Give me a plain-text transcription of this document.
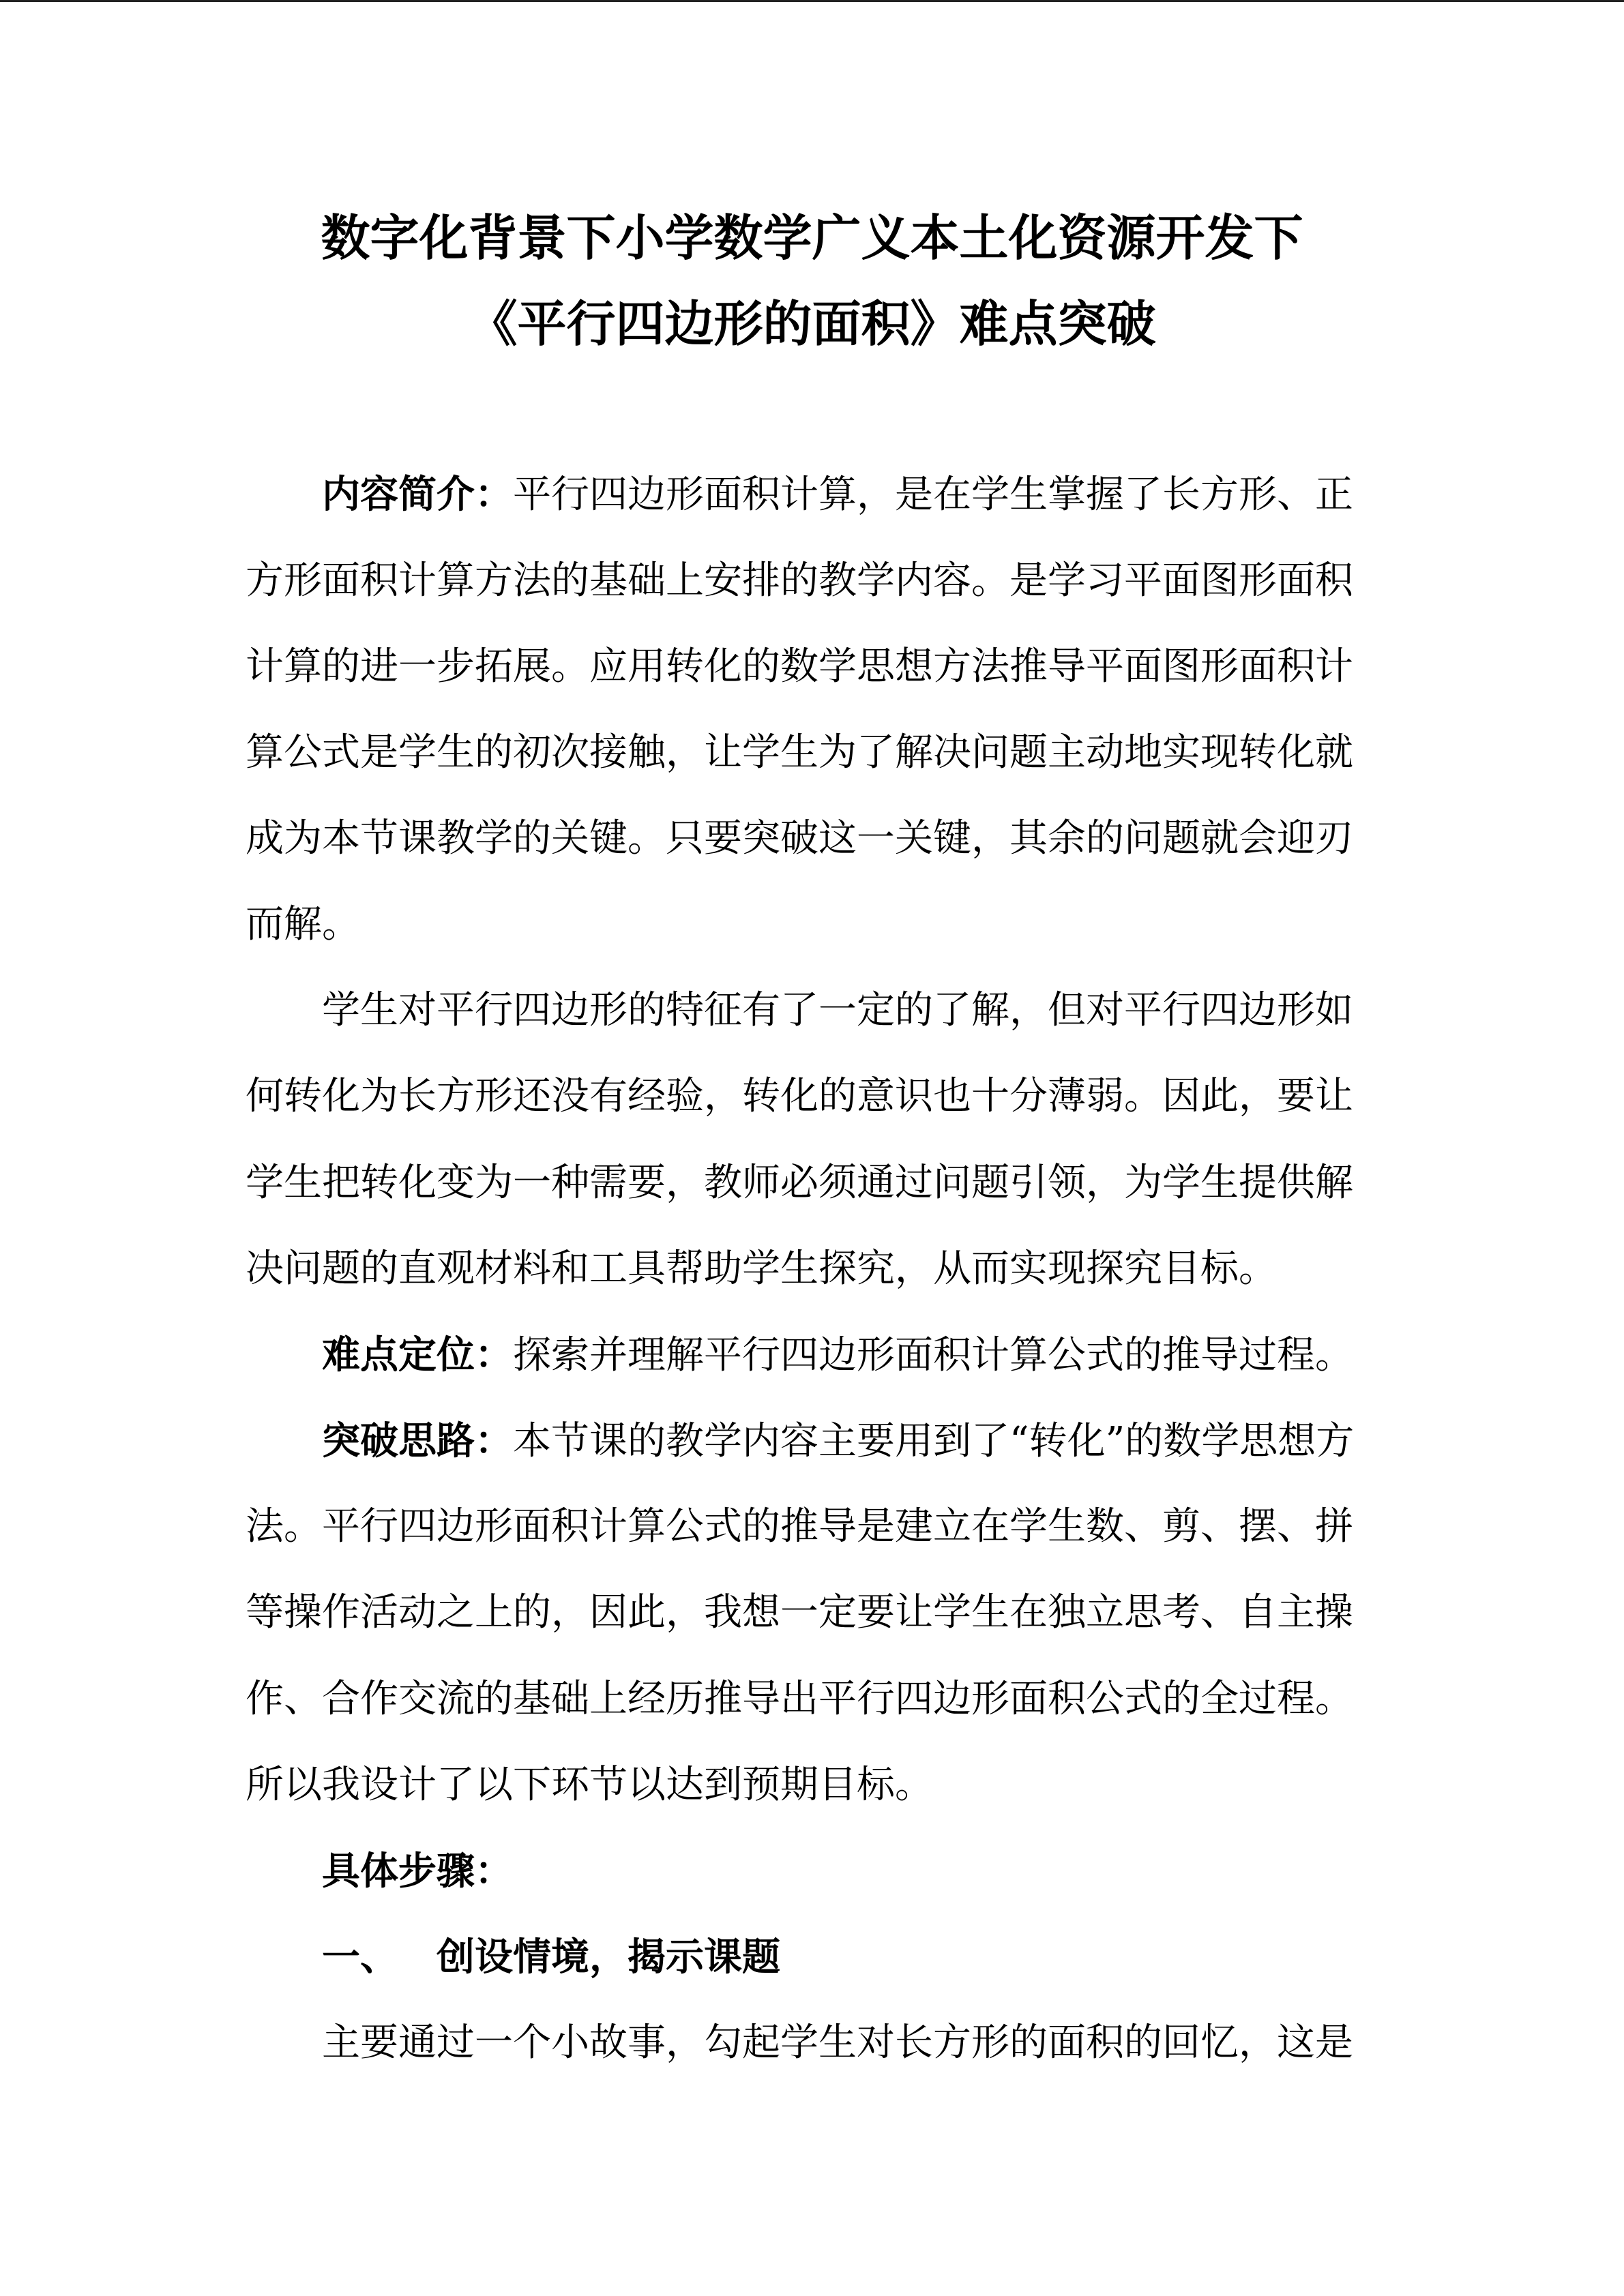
数字化背景下小学数学广义本土化资源开发下
《平行四边形的面积》难点突破

内容简介：平行四边形面积计算，是在学生掌握了长方形、正

方形面积计算方法的基础上安排的教学内容。是学习平面图形面积

计算的进一步拓展。应用转化的数学思想方法推导平面图形面积计

算公式是学生的初次接触，让学生为了解决问题主动地实现转化就

成为本节课教学的关键。只要突破这一关键，其余的问题就会迎刃

而解。

学生对平行四边形的特征有了一定的了解，但对平行四边形如

何转化为长方形还没有经验，转化的意识也十分薄弱。因此，要让

学生把转化变为一种需要，教师必须通过问题引领，为学生提供解

决问题的直观材料和工具帮助学生探究，从而实现探究目标。

难点定位：探索并理解平行四边形面积计算公式的推导过程。

突破思路：本节课的教学内容主要用到了“转化”的数学思想方

法。平行四边形面积计算公式的推导是建立在学生数、剪、摆、拼

等操作活动之上的，因此，我想一定要让学生在独立思考、自主操

作、合作交流的基础上经历推导出平行四边形面积公式的全过程。

所以我设计了以下环节以达到预期目标。

具体步骤：

一、 创设情境，揭示课题

主要通过一个小故事，勾起学生对长方形的面积的回忆，这是
